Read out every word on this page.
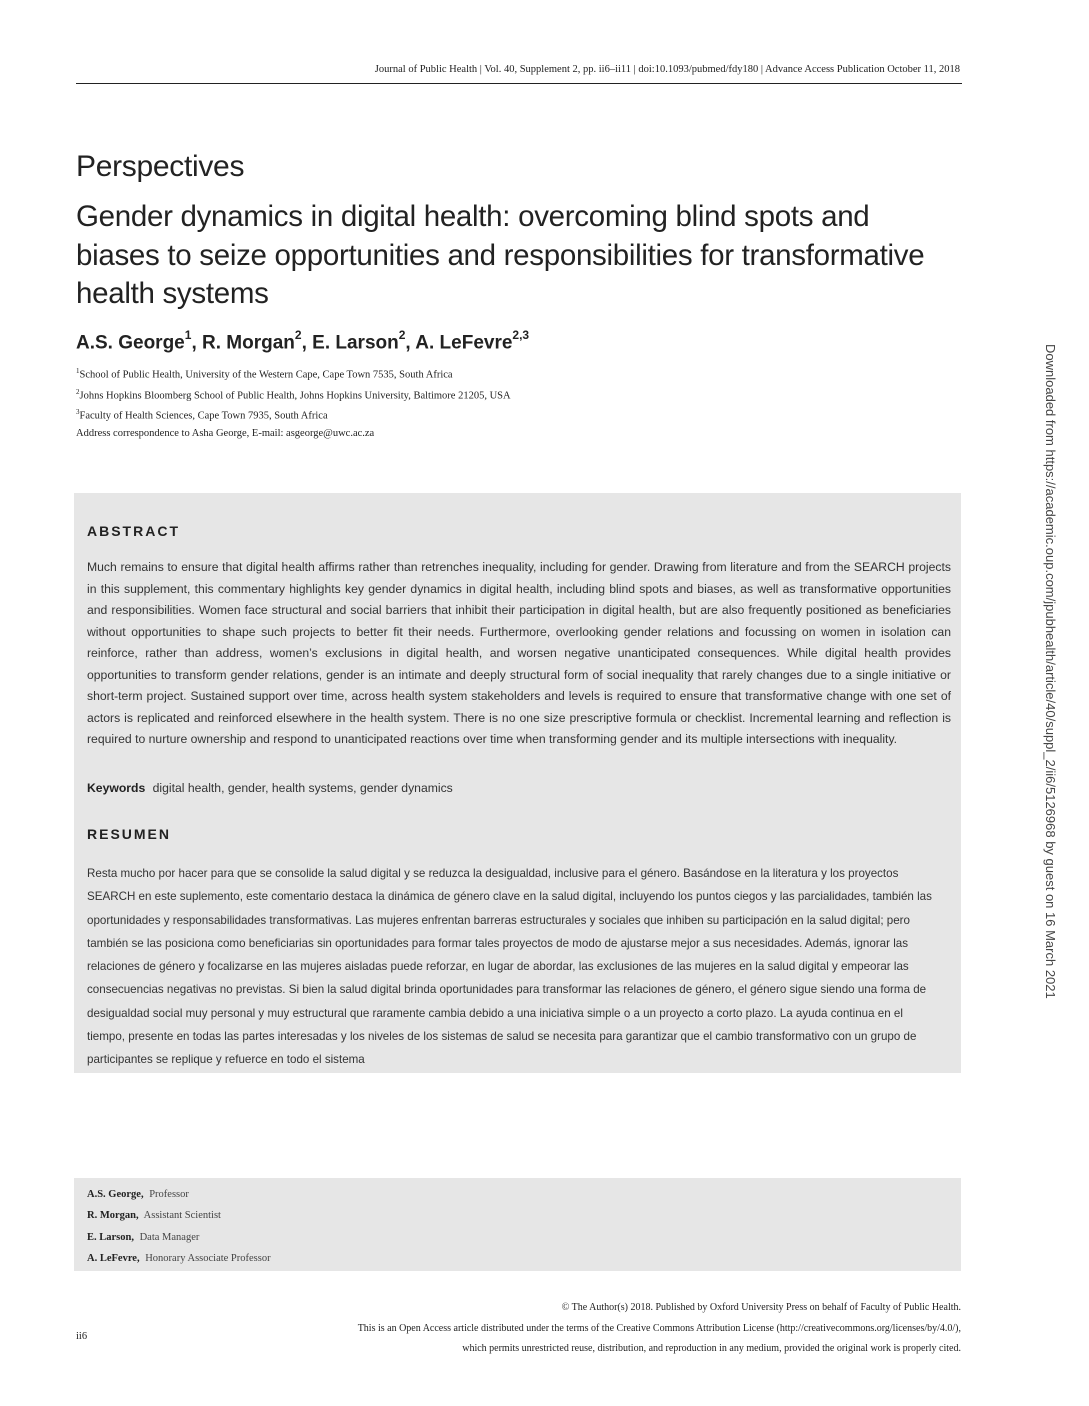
Journal of Public Health | Vol. 40, Supplement 2, pp. ii6–ii11 | doi:10.1093/pubmed/fdy180 | Advance Access Publication October 11, 2018
Perspectives
Gender dynamics in digital health: overcoming blind spots and biases to seize opportunities and responsibilities for transformative health systems
A.S. George$^1$, R. Morgan$^2$, E. Larson$^2$, A. LeFevre$^{2,3}$
$^1$School of Public Health, University of the Western Cape, Cape Town 7535, South Africa
$^2$Johns Hopkins Bloomberg School of Public Health, Johns Hopkins University, Baltimore 21205, USA
$^3$Faculty of Health Sciences, Cape Town 7935, South Africa
Address correspondence to Asha George, E-mail: asgeorge@uwc.ac.za
ABSTRACT

Much remains to ensure that digital health affirms rather than retrenches inequality, including for gender. Drawing from literature and from the SEARCH projects in this supplement, this commentary highlights key gender dynamics in digital health, including blind spots and biases, as well as transformative opportunities and responsibilities. Women face structural and social barriers that inhibit their participation in digital health, but are also frequently positioned as beneficiaries without opportunities to shape such projects to better fit their needs. Furthermore, overlooking gender relations and focussing on women in isolation can reinforce, rather than address, women’s exclusions in digital health, and worsen negative unanticipated consequences. While digital health provides opportunities to transform gender relations, gender is an intimate and deeply structural form of social inequality that rarely changes due to a single initiative or short-term project. Sustained support over time, across health system stakeholders and levels is required to ensure that transformative change with one set of actors is replicated and reinforced elsewhere in the health system. There is no one size prescriptive formula or checklist. Incremental learning and reflection is required to nurture ownership and respond to unanticipated reactions over time when transforming gender and its multiple intersections with inequality.

Keywords digital health, gender, health systems, gender dynamics
RESUMEN

Resta mucho por hacer para que se consolide la salud digital y se reduzca la desigualdad, inclusive para el género. Basándose en la literatura y los proyectos SEARCH en este suplemento, este comentario destaca la dinámica de género clave en la salud digital, incluyendo los puntos ciegos y las parcialidades, también las oportunidades y responsabilidades transformativas. Las mujeres enfrentan barreras estructurales y sociales que inhiben su participación en la salud digital; pero también se las posiciona como beneficiarias sin oportunidades para formar tales proyectos de modo de ajustarse mejor a sus necesidades. Además, ignorar las relaciones de género y focalizarse en las mujeres aisladas puede reforzar, en lugar de abordar, las exclusiones de las mujeres en la salud digital y empeorar las consecuencias negativas no previstas. Si bien la salud digital brinda oportunidades para transformar las relaciones de género, el género sigue siendo una forma de desigualdad social muy personal y muy estructural que raramente cambia debido a una iniciativa simple o a un proyecto a corto plazo. La ayuda continua en el tiempo, presente en todas las partes interesadas y los niveles de los sistemas de salud se necesita para garantizar que el cambio transformativo con un grupo de participantes se replique y refuerce en todo el sistema

A.S. George, Professor
R. Morgan, Assistant Scientist
E. Larson, Data Manager
A. LeFevre, Honorary Associate Professor
© The Author(s) 2018. Published by Oxford University Press on behalf of Faculty of Public Health.
This is an Open Access article distributed under the terms of the Creative Commons Attribution License (http://creativecommons.org/licenses/by/4.0/),
which permits unrestricted reuse, distribution, and reproduction in any medium, provided the original work is properly cited.
ii6
Downloaded from https://academic.oup.com/jpubhealth/article/40/suppl_2/ii6/5126968 by guest on 16 March 2021
